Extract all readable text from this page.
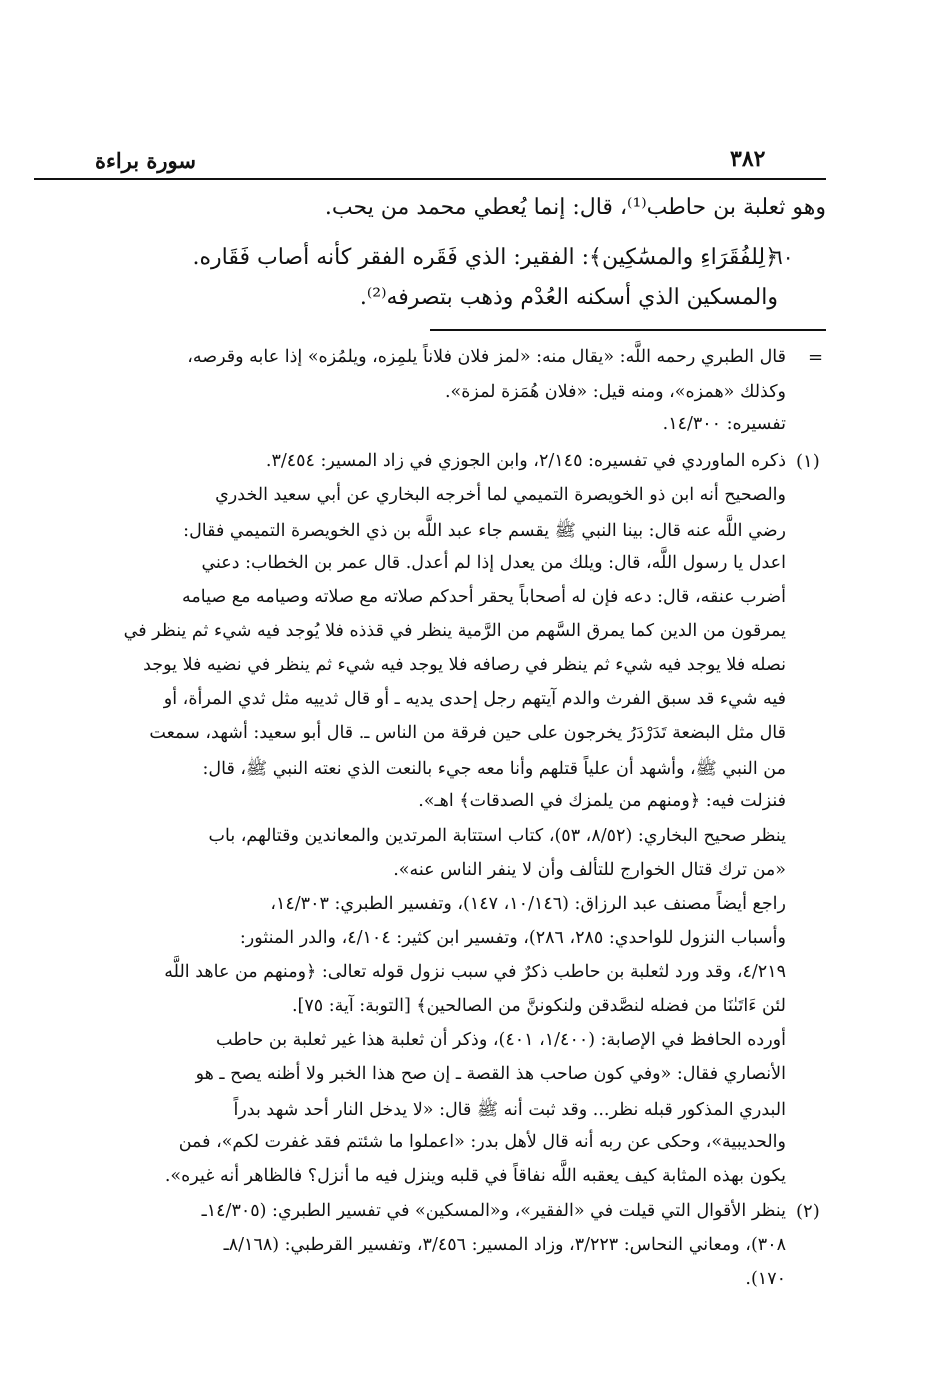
سورة براءة	٣٨٢
وهو ثعلبة بن حاطب⁽¹⁾، قال: إنما يُعطي محمد من يحب.
٦٠
﴿لِلفُقَرَاءِ والمسَٰكِين﴾: الفقير: الذي فَقَره الفقر كأنه أصاب فَقَاره.
والمسكين الذي أسكنه العُدْم وذهب بتصرفه⁽²⁾.
=
قال الطبري رحمه اللَّه: «يقال منه: «لمز فلان فلاناً يلمِزه، ويلمُزه» إذا عابه وقرصه،
وكذلك «همزه»، ومنه قيل: «فلان هُمَزة لمزة».
تفسيره: ١٤/٣٠٠.
(١)
ذكره الماوردي في تفسيره: ٢/١٤٥، وابن الجوزي في زاد المسير: ٣/٤٥٤.
والصحيح أنه ابن ذو الخويصرة التميمي لما أخرجه البخاري عن أبي سعيد الخدري
رضي اللَّه عنه قال: بينا النبي ﷺ يقسم جاء عبد اللَّه بن ذي الخويصرة التميمي فقال:
اعدل يا رسول اللَّه، قال: ويلك من يعدل إذا لم أعدل. قال عمر بن الخطاب: دعني
أضرب عنقه، قال: دعه فإن له أصحاباً يحقر أحدكم صلاته مع صلاته وصيامه مع صيامه
يمرقون من الدين كما يمرق السَّهم من الرَّمية ينظر في قذذه فلا يُوجد فيه شيء ثم ينظر في
نصله فلا يوجد فيه شيء ثم ينظر في رصافه فلا يوجد فيه شيء ثم ينظر في نضيه فلا يوجد
فيه شيء قد سبق الفرث والدم آيتهم رجل إحدى يديه ـ أو قال ثدييه مثل ثدي المرأة، أو
قال مثل البضعة تَدَرْدَرُ يخرجون على حين فرقة من الناس ـ. قال أبو سعيد: أشهد، سمعت
من النبي ﷺ، وأشهد أن علياً قتلهم وأنا معه جيء بالنعت الذي نعته النبي ﷺ، قال:
فنزلت فيه: ﴿ومنهم من يلمزك في الصدقات﴾ اهـ».
ينظر صحيح البخاري: (٨/٥٢، ٥٣)، كتاب استتابة المرتدين والمعاندين وقتالهم، باب
«من ترك قتال الخوارج للتألف وأن لا ينفر الناس عنه».
راجع أيضاً مصنف عبد الرزاق: (١٠/١٤٦، ١٤٧)، وتفسير الطبري: ١٤/٣٠٣،
وأسباب النزول للواحدي: ٢٨٥، ٢٨٦)، وتفسير ابن كثير: ٤/١٠٤، والدر المنثور:
٤/٢١٩، وقد ورد لثعلبة بن حاطب ذكرٌ في سبب نزول قوله تعالى: ﴿ومنهم من عاهد اللَّه
لئن ءَاتَىٰنَا من فضله لنصَّدقن ولنكوننَّ من الصالحين﴾ [التوبة: آية: ٧٥].
أورده الحافظ في الإصابة: (١/٤٠٠، ٤٠١)، وذكر أن ثعلبة هذا غير ثعلبة بن حاطب
الأنصاري فقال: «وفي كون صاحب هذ القصة ـ إن صح هذا الخبر ولا أظنه يصح ـ هو
البدري المذكور قبله نظر... وقد ثبت أنه ﷺ قال: «لا يدخل النار أحد شهد بدراً
والحديبية»، وحكى عن ربه أنه قال لأهل بدر: «اعملوا ما شئتم فقد غفرت لكم»، فمن
يكون بهذه المثابة كيف يعقبه اللَّه نفاقاً في قلبه وينزل فيه ما أنزل؟ فالظاهر أنه غيره».
(٢)
ينظر الأقوال التي قيلت في «الفقير»، و«المسكين» في تفسير الطبري: (١٤/٣٠٥ـ
٣٠٨)، ومعاني النحاس: ٣/٢٢٣، وزاد المسير: ٣/٤٥٦، وتفسير القرطبي: (٨/١٦٨ـ
١٧٠).
